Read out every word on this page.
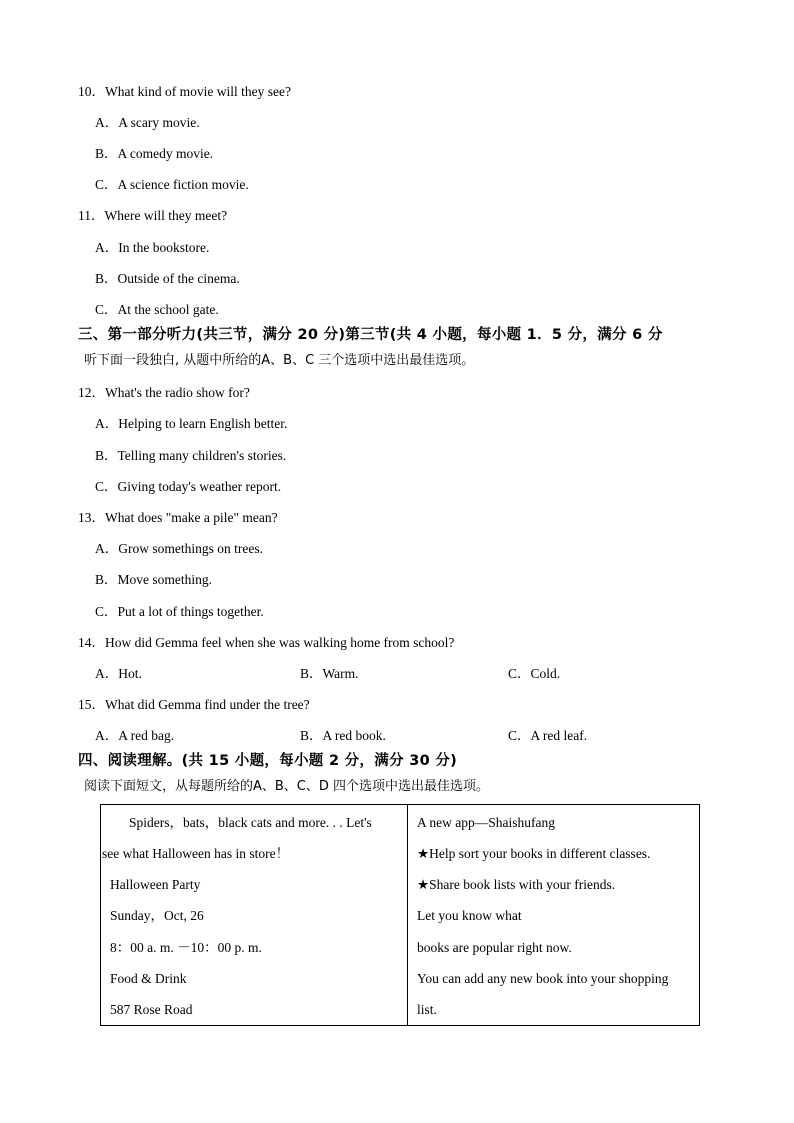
10．What kind of movie will they see?
A．A scary movie.
B．A comedy movie.
C．A science fiction movie.
11．Where will they meet?
A．In the bookstore.
B．Outside of the cinema.
C．At the school gate.
三、第一部分听力(共三节，满分 20 分)第三节(共 4 小题，每小题 1．5 分，满分 6 分
听下面一段独白, 从题中所给的A、B、C 三个选项中选出最佳选项。
12．What's the radio show for?
A．Helping to learn English better.
B．Telling many children's stories.
C．Giving today's weather report.
13．What does "make a pile" mean?
A．Grow somethings on trees.
B．Move something.
C．Put a lot of things together.
14．How did Gemma feel when she was walking home from school?
A．Hot.	B．Warm.	C．Cold.
15．What did Gemma find under the tree?
A．A red bag.	B．A red book.	C．A red leaf.
四、阅读理解。(共 15 小题，每小题 2 分，满分 30 分)
阅读下面短文，从每题所给的A、B、C、D 四个选项中选出最佳选项。
Spiders，bats，black cats and more. . . Let's
see what Halloween has in store！
Halloween Party
Sunday，Oct, 26
8：00 a. m. －10：00 p. m.
Food & Drink
587 Rose Road

A new app—Shaishufang
★Help sort your books in different classes.
★Share book lists with your friends.
Let you know what
books are popular right now.
You can add any new book into your shopping
list.
